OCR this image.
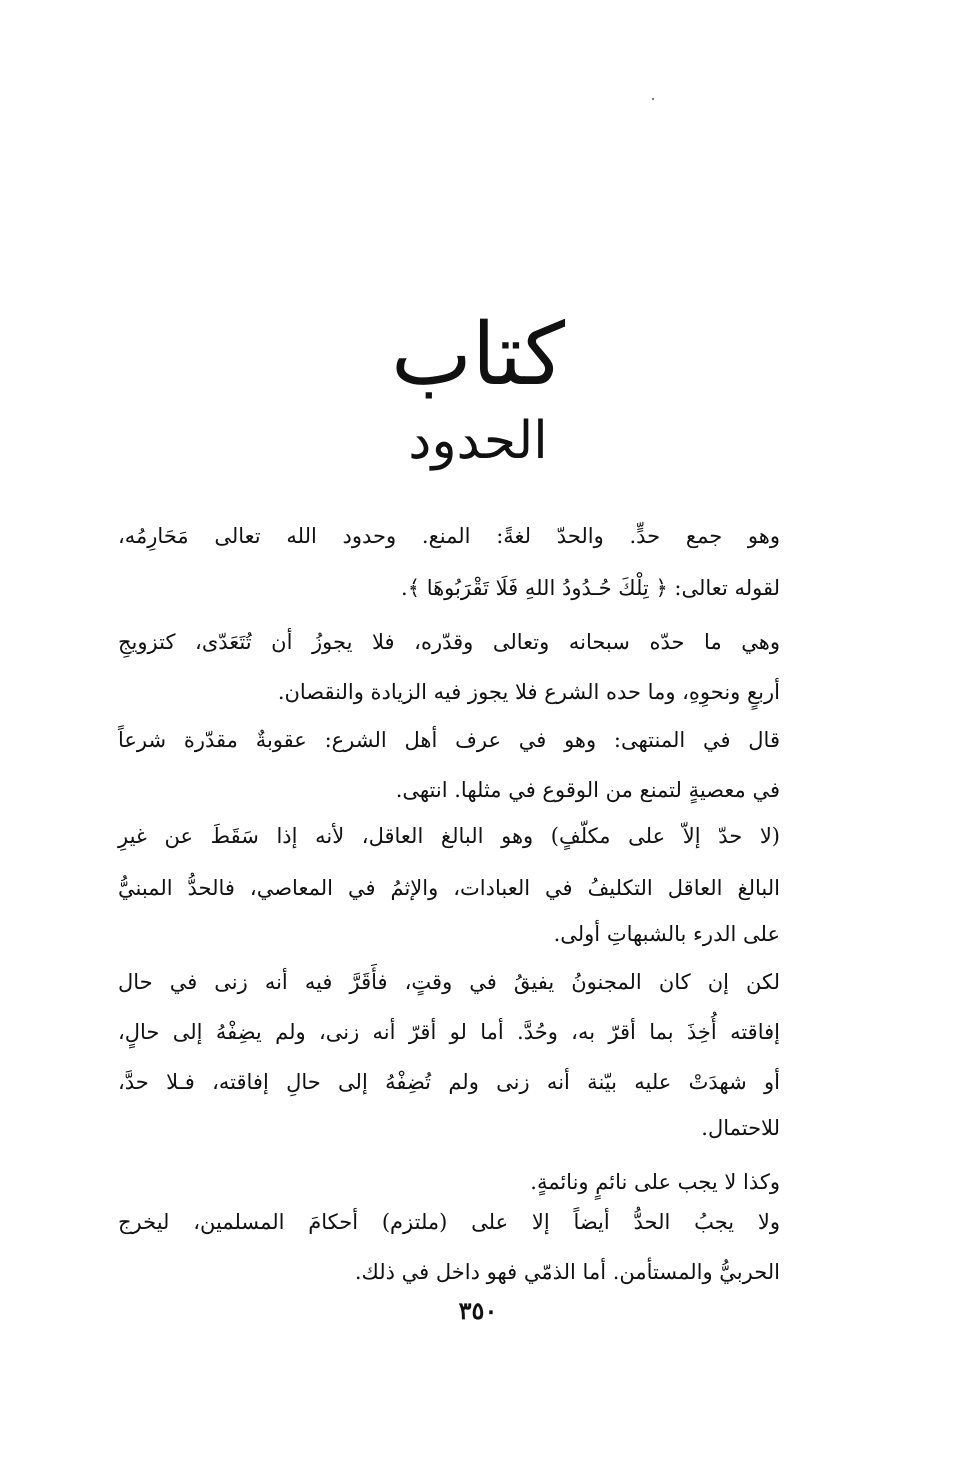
كتاب
الحدود
وهو جمع حدٍّ. والحدّ لغةً: المنع. وحدود الله تعالى مَحَارِمُه،
لقوله تعالى: ﴿ تِلْكَ حُـدُودُ اللهِ فَلَا تَقْرَبُوهَا ﴾.
وهي ما حدّه سبحانه وتعالى وقدّره، فلا يجوزُ أن تُتَعَدّى، كتزويجِ
أربعٍ ونحوِهِ، وما حده الشرع فلا يجوز فيه الزيادة والنقصان.
قال في المنتهى: وهو في عرف أهل الشرع: عقوبةٌ مقدّرة شرعاً
في معصيةٍ لتمنع من الوقوع في مثلها. انتهى.
(لا حدّ إلاّ على مكلّفٍ) وهو البالغ العاقل، لأنه إذا سَقَطَ عن غيرِ
البالغ العاقل التكليفُ في العبادات، والإثمُ في المعاصي، فالحدُّ المبنيُّ
على الدرء بالشبهاتِ أولى.
لكن إن كان المجنونُ يفيقُ في وقتٍ، فأَقَرَّ فيه أنه زنى في حال
إفاقته أُخِذَ بما أقرّ به، وحُدَّ. أما لو أقرّ أنه زنى، ولم يضِفْهُ إلى حالٍ،
أو شهدَتْ عليه بيّنة أنه زنى ولم تُضِفْهُ إلى حالِ إفاقته، فـلا حدَّ،
للاحتمال.
وكذا لا يجب على نائمٍ ونائمةٍ.
ولا يجبُ الحدُّ أيضاً إلا على (ملتزم) أحكامَ المسلمين، ليخرج
الحربيُّ والمستأمن. أما الذمّي فهو داخل في ذلك.
٣٥٠
